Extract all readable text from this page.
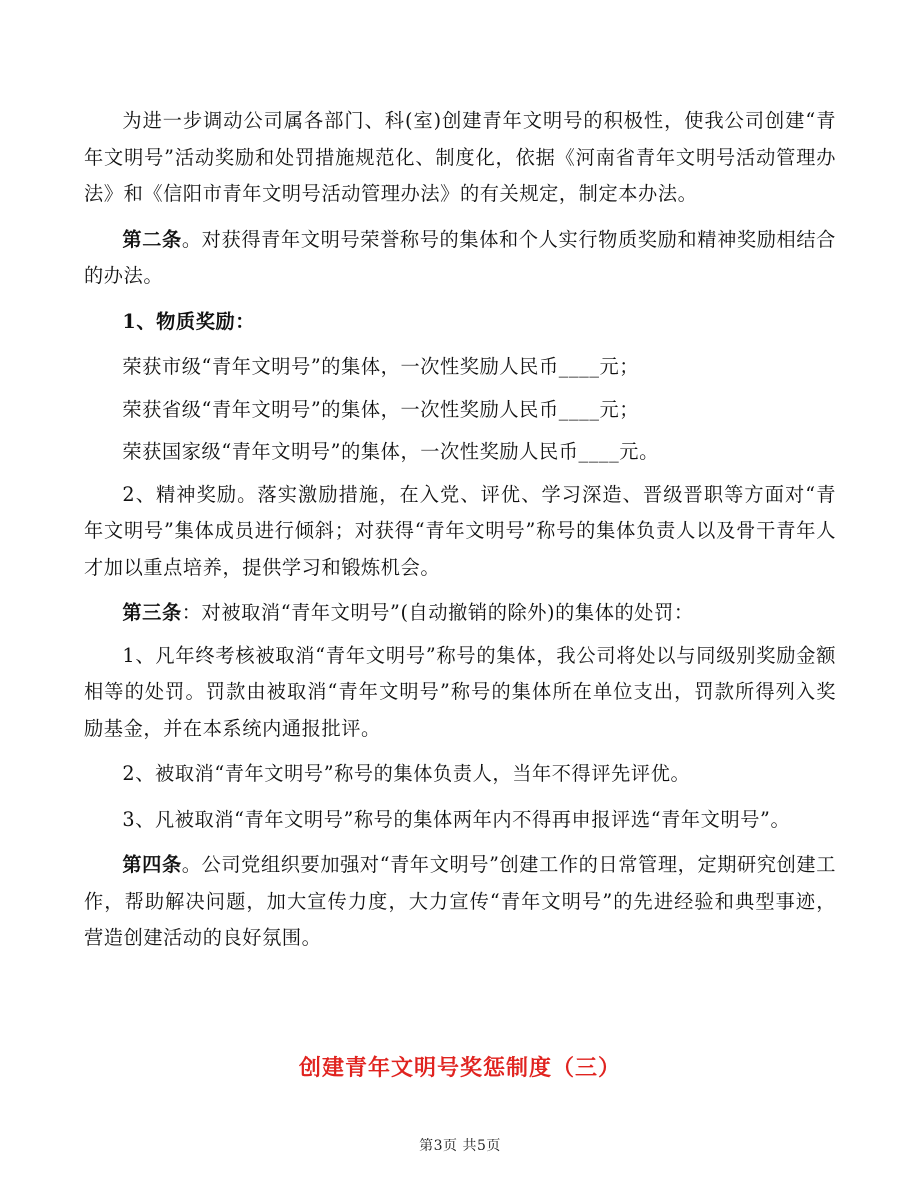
为进一步调动公司属各部门、科(室)创建青年文明号的积极性，使我公司创建“青年文明号”活动奖励和处罚措施规范化、制度化，依据《河南省青年文明号活动管理办法》和《信阳市青年文明号活动管理办法》的有关规定，制定本办法。

第二条。对获得青年文明号荣誉称号的集体和个人实行物质奖励和精神奖励相结合的办法。

1、物质奖励：

荣获市级“青年文明号”的集体，一次性奖励人民币____元；

荣获省级“青年文明号”的集体，一次性奖励人民币____元；

荣获国家级“青年文明号”的集体，一次性奖励人民币____元。

2、精神奖励。落实激励措施，在入党、评优、学习深造、晋级晋职等方面对“青年文明号”集体成员进行倾斜；对获得“青年文明号”称号的集体负责人以及骨干青年人才加以重点培养，提供学习和锻炼机会。

第三条：对被取消“青年文明号”(自动撤销的除外)的集体的处罚：

1、凡年终考核被取消“青年文明号”称号的集体，我公司将处以与同级别奖励金额相等的处罚。罚款由被取消“青年文明号”称号的集体所在单位支出，罚款所得列入奖励基金，并在本系统内通报批评。

2、被取消“青年文明号”称号的集体负责人，当年不得评先评优。

3、凡被取消“青年文明号”称号的集体两年内不得再申报评选“青年文明号”。

第四条。公司党组织要加强对“青年文明号”创建工作的日常管理，定期研究创建工作，帮助解决问题，加大宣传力度，大力宣传“青年文明号”的先进经验和典型事迹，营造创建活动的良好氛围。

创建青年文明号奖惩制度（三）
第3页 共5页
